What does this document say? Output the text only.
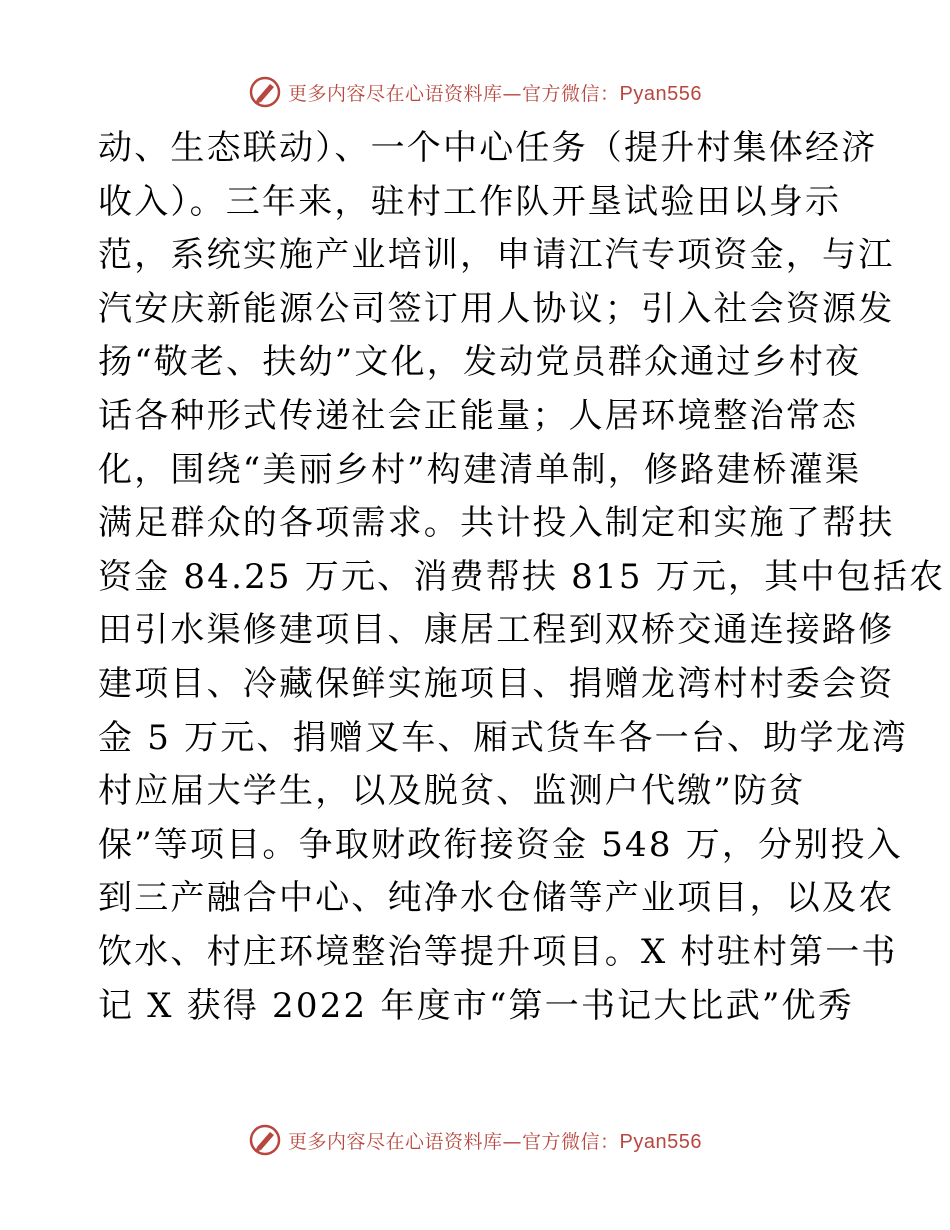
更多内容尽在心语资料库—官方微信：Pyan556
动、生态联动）、一个中心任务（提升村集体经济
收入）。三年来，驻村工作队开垦试验田以身示
范，系统实施产业培训，申请江汽专项资金，与江
汽安庆新能源公司签订用人协议；引入社会资源发
扬“敬老、扶幼”文化，发动党员群众通过乡村夜
话各种形式传递社会正能量；人居环境整治常态
化，围绕“美丽乡村”构建清单制，修路建桥灌渠
满足群众的各项需求。共计投入制定和实施了帮扶
资金 84.25 万元、消费帮扶 815 万元，其中包括农
田引水渠修建项目、康居工程到双桥交通连接路修
建项目、冷藏保鲜实施项目、捐赠龙湾村村委会资
金 5 万元、捐赠叉车、厢式货车各一台、助学龙湾
村应届大学生，以及脱贫、监测户代缴”防贫
保”等项目。争取财政衔接资金 548 万，分别投入
到三产融合中心、纯净水仓储等产业项目，以及农
饮水、村庄环境整治等提升项目。X 村驻村第一书
记 X 获得 2022 年度市“第一书记大比武”优秀
更多内容尽在心语资料库—官方微信：Pyan556
